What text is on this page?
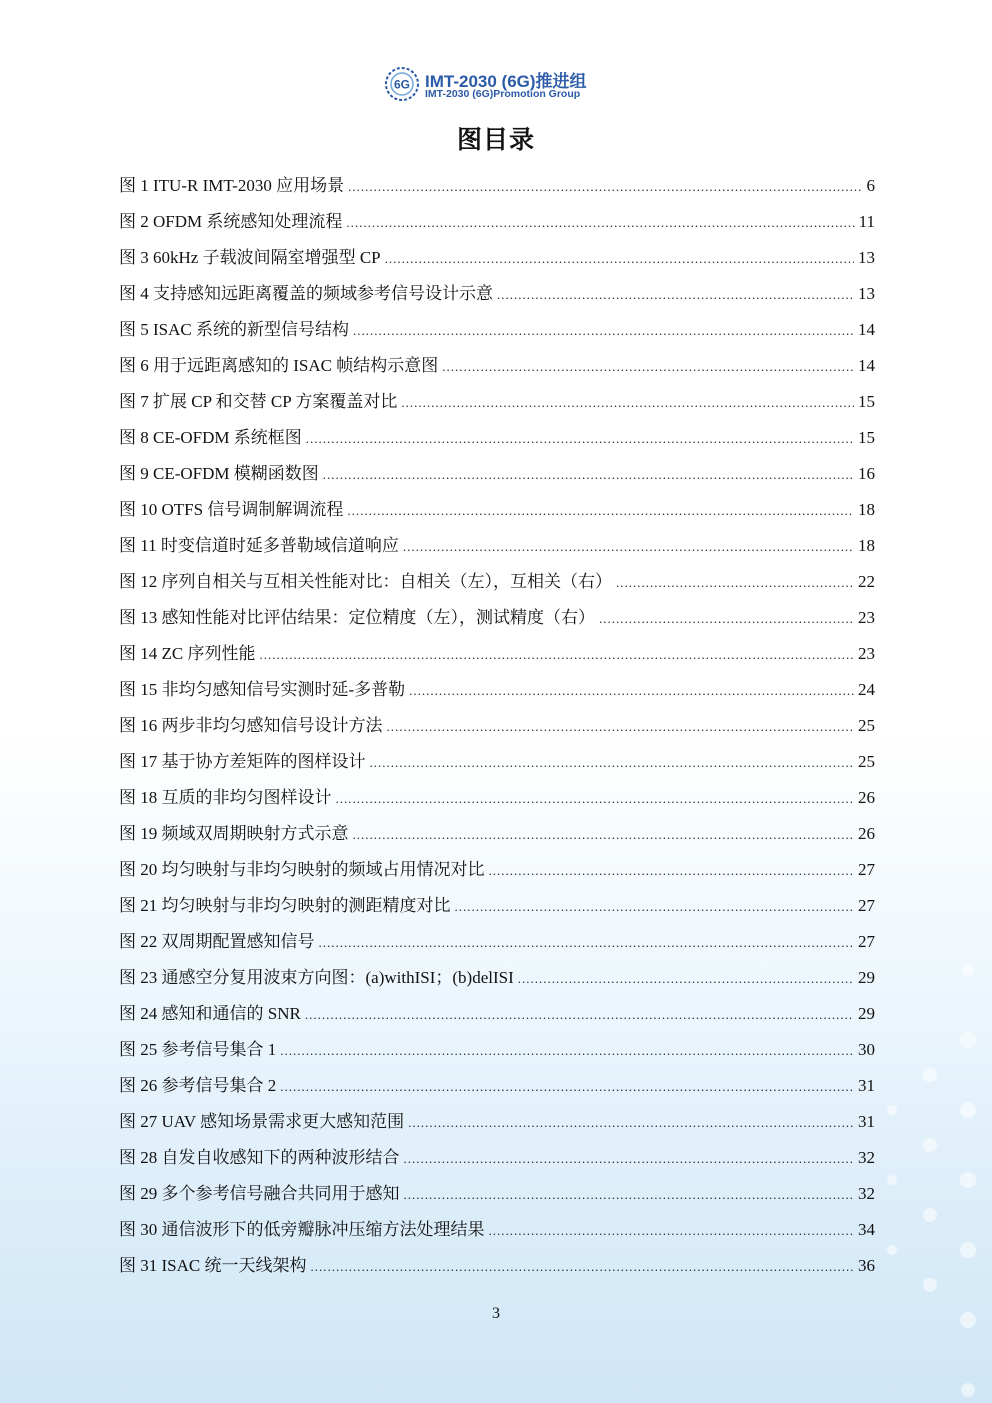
6G IMT-2030 (6G)推进组
IMT-2030 (6G)Promotion Group
图目录
图 1 ITU-R IMT-2030 应用场景 .....	6
图 2 OFDM 系统感知处理流程 .....	11
图 3 60kHz 子载波间隔室增强型 CP .....	13
图 4 支持感知远距离覆盖的频域参考信号设计示意 .....	13
图 5 ISAC 系统的新型信号结构 .....	14
图 6 用于远距离感知的 ISAC 帧结构示意图 .....	14
图 7 扩展 CP 和交替 CP 方案覆盖对比 .....	15
图 8 CE-OFDM 系统框图 .....	15
图 9 CE-OFDM 模糊函数图 .....	16
图 10 OTFS 信号调制解调流程 .....	18
图 11 时变信道时延多普勒域信道响应 .....	18
图 12 序列自相关与互相关性能对比：自相关（左），互相关（右） .....	22
图 13 感知性能对比评估结果：定位精度（左），测试精度（右） .....	23
图 14 ZC 序列性能 .....	23
图 15 非均匀感知信号实测时延-多普勒 .....	24
图 16 两步非均匀感知信号设计方法 .....	25
图 17 基于协方差矩阵的图样设计 .....	25
图 18 互质的非均匀图样设计 .....	26
图 19 频域双周期映射方式示意 .....	26
图 20 均匀映射与非均匀映射的频域占用情况对比 .....	27
图 21 均匀映射与非均匀映射的测距精度对比 .....	27
图 22 双周期配置感知信号 .....	27
图 23 通感空分复用波束方向图：(a)withISI；(b)delISI .....	29
图 24 感知和通信的 SNR .....	29
图 25 参考信号集合 1 .....	30
图 26 参考信号集合 2 .....	31
图 27 UAV 感知场景需求更大感知范围 .....	31
图 28 自发自收感知下的两种波形结合 .....	32
图 29 多个参考信号融合共同用于感知 .....	32
图 30 通信波形下的低旁瓣脉冲压缩方法处理结果 .....	34
图 31 ISAC 统一天线架构 .....	36
3
